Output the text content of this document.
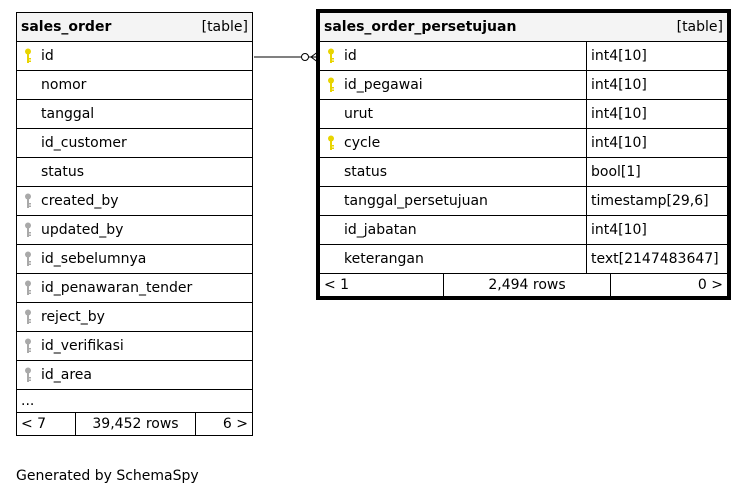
sales_order	[table]

	id
	nomor
	tanggal
	id_customer
	status
	created_by
	updated_by
	id_sebelumnya
	id_penawaran_tender
	reject_by
	id_verifikasi
	id_area
...

< 7	39,452 rows	6 >
sales_order_persetujuan	[table]

	id	int4[10]
	id_pegawai	int4[10]
	urut	int4[10]
	cycle	int4[10]
	status	bool[1]
	tanggal_persetujuan	timestamp[29,6]
	id_jabatan	int4[10]
	keterangan	text[2147483647]

< 1	2,494 rows	0 >
Generated by SchemaSpy
